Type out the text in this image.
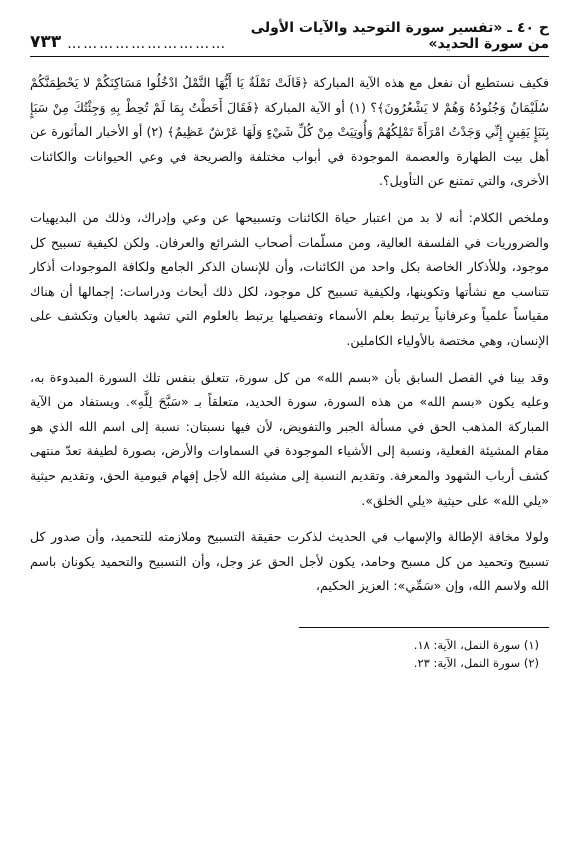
ح ٤٠ ـ «تفسير سورة التوحيد والآيات الأولى من سورة الحديد»
…………………………
٧٣٣

فكيف نستطيع أن نفعل مع هذه الآية المباركة ﴿قَالَتْ نَمْلَةٌ يَا أَيُّهَا النَّمْلُ ادْخُلُوا مَسَاكِنَكُمْ لا يَحْطِمَنَّكُمْ سُلَيْمَانُ وَجُنُودُهُ وَهُمْ لا يَشْعُرُونَ﴾؟ (١) أو الآية المباركة ﴿فَقَالَ أَحَطْتُ بِمَا لَمْ تُحِطْ بِهِ وَجِئْتُكَ مِنْ سَبَإٍ بِنَبَإٍ يَقِينٍ إِنِّي وَجَدْتُ امْرَأَةً تَمْلِكُهُمْ وَأُوتِيَتْ مِنْ كُلِّ شَيْءٍ وَلَهَا عَرْشٌ عَظِيمٌ﴾ (٢) أو الأخبار المأثورة عن أهل بيت الطهارة والعصمة الموجودة في أبواب مختلفة والصريحة في وعي الحيوانات والكائنات الأخرى، والتي تمتنع عن التأويل؟.

وملخص الكلام: أنه لا بد من اعتبار حياة الكائنات وتسبيحها عن وعي وإدراك، وذلك من البديهيات والضروريات في الفلسفة العالية، ومن مسلّمات أصحاب الشرائع والعرفان. ولكن لكيفية تسبيح كل موجود، وللأذكار الخاصة بكل واحد من الكائنات، وأن للإنسان الذكر الجامع ولكافة الموجودات أذكار تتناسب مع نشأتها وتكوينها، ولكيفية تسبيح كل موجود، لكل ذلك أبحاث ودراسات: إجمالها أن هناك مقياساً علمياً وعرفانياً يرتبط بعلم الأسماء وتفصيلها يرتبط بالعلوم التي تشهد بالعيان وتكشف على الإنسان، وهي مختصة بالأولياء الكاملين.

وقد بينا في الفصل السابق بأن «بسم الله» من كل سورة، تتعلق بنفس تلك السورة المبدوءة به، وعليه يكون «بسم الله» من هذه السورة، سورة الحديد، متعلقاً بـ «سَبَّحَ لِلَّهِ». ويستفاد من الآية المباركة المذهب الحق في مسألة الجبر والتفويض، لأن فيها نسبتان: نسبة إلى اسم الله الذي هو مقام المشيئة الفعلية، ونسبة إلى الأشياء الموجودة في السماوات والأرض، بصورة لطيفة تعدّ منتهى كشف أرباب الشهود والمعرفة. وتقديم النسبة إلى مشيئة الله لأجل إفهام قيومية الحق، وتقديم حيثية «يلي الله» على حيثية «يلي الخلق».

ولولا مخافة الإطالة والإسهاب في الحديث لذكرت حقيقة التسبيح وملازمته للتحميد، وأن صدور كل تسبيح وتحميد من كل مسبح وحامد، يكون لأجل الحق عز وجل، وأن التسبيح والتحميد يكونان باسم الله ولاسم الله، وإن «سَمِّي»: العزيز الحكيم،

(١) سورة النمل، الآية: ١٨.

(٢) سورة النمل، الآية: ٢٣.
